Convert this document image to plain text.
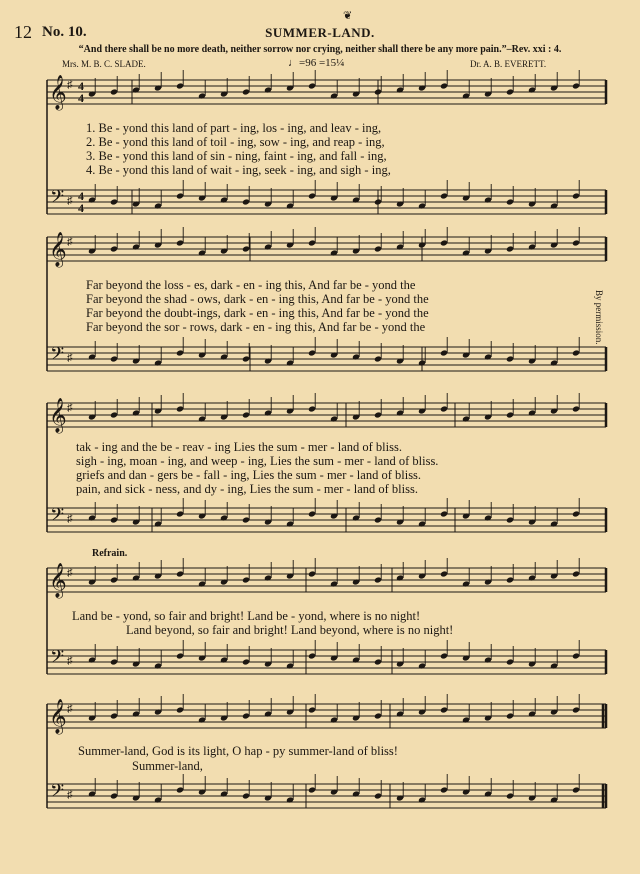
❦
12 No. 10.	SUMMER-LAND.
“And there shall be no more death, neither sorrow nor crying, neither shall there be any more pain.”–Rev. xxi : 4.
Mrs. M. B. C. SLADE.	♩=96 =15¼	Dr. A. B. EVERETT.
By permission.
𝄞
𝄢
♯
♯
𝄞
𝄢
♯
♯
𝄞
𝄢
♯
♯
𝄞
𝄢
♯
♯
𝄞
𝄢
♯
♯
4
4
4
4
1. Be - yond this land of part - ing, los - ing, and leav - ing,
2. Be - yond this land of toil - ing, sow - ing, and reap - ing,
3. Be - yond this land of sin - ning, faint - ing, and fall - ing,
4. Be - yond this land of wait - ing, seek - ing, and sigh - ing,
Far beyond the loss - es, dark - en - ing this, And far be - yond the
Far beyond the shad - ows, dark - en - ing this, And far be - yond the
Far beyond the doubt-ings, dark - en - ing this, And far be - yond the
Far beyond the sor - rows, dark - en - ing this, And far be - yond the
tak - ing and the be - reav - ing Lies the sum - mer - land of bliss.
sigh - ing, moan - ing, and weep - ing, Lies the sum - mer - land of bliss.
griefs and dan - gers be - fall - ing, Lies the sum - mer - land of bliss.
pain, and sick - ness, and dy - ing, Lies the sum - mer - land of bliss.
Refrain.
Land be - yond, so fair and bright! Land be - yond, where is no night!
Land beyond, so fair and bright! Land beyond, where is no night!
Summer-land, God is its light, O hap - py summer-land of bliss!
Summer-land,
